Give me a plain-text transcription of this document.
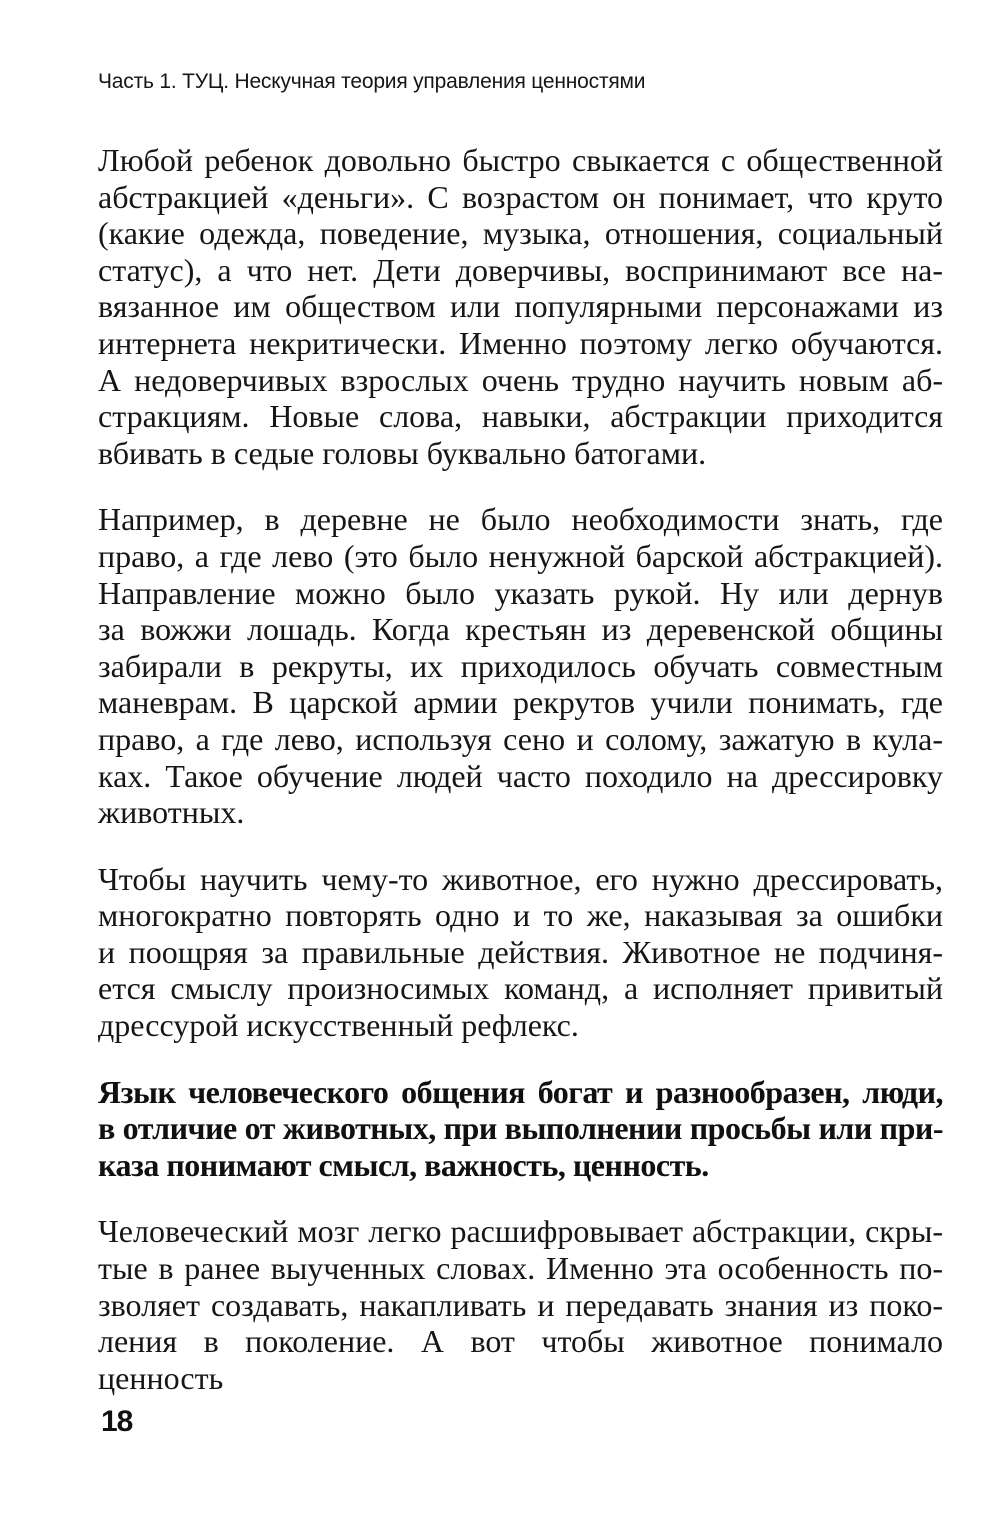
Часть 1. ТУЦ. Нескучная теория управления ценностями

Любой ребенок довольно быстро свыкается с общественной
абстракцией «деньги». С возрастом он понимает, что круто
(какие одежда, поведение, музыка, отношения, социальный
статус), а что нет. Дети доверчивы, воспринимают все на-
вязанное им обществом или популярными персонажами из
интернета некритически. Именно поэтому легко обучаются.
А недоверчивых взрослых очень трудно научить новым аб-
стракциям. Новые слова, навыки, абстракции приходится
вбивать в седые головы буквально батогами.

Например, в деревне не было необходимости знать, где
право, а где лево (это было ненужной барской абстракцией).
Направление можно было указать рукой. Ну или дернув
за вожжи лошадь. Когда крестьян из деревенской общины
забирали в рекруты, их приходилось обучать совместным
маневрам. В царской армии рекрутов учили понимать, где
право, а где лево, используя сено и солому, зажатую в кула-
ках. Такое обучение людей часто походило на дрессировку
животных.

Чтобы научить чему-то животное, его нужно дрессировать,
многократно повторять одно и то же, наказывая за ошибки
и поощряя за правильные действия. Животное не подчиня-
ется смыслу произносимых команд, а исполняет привитый
дрессурой искусственный рефлекс.

Язык человеческого общения богат и разнообразен, люди,
в отличие от животных, при выполнении просьбы или при-
каза понимают смысл, важность, ценность.

Человеческий мозг легко расшифровывает абстракции, скры-
тые в ранее выученных словах. Именно эта особенность по-
зволяет создавать, накапливать и передавать знания из поко-
ления в поколение. А вот чтобы животное понимало ценность

18
